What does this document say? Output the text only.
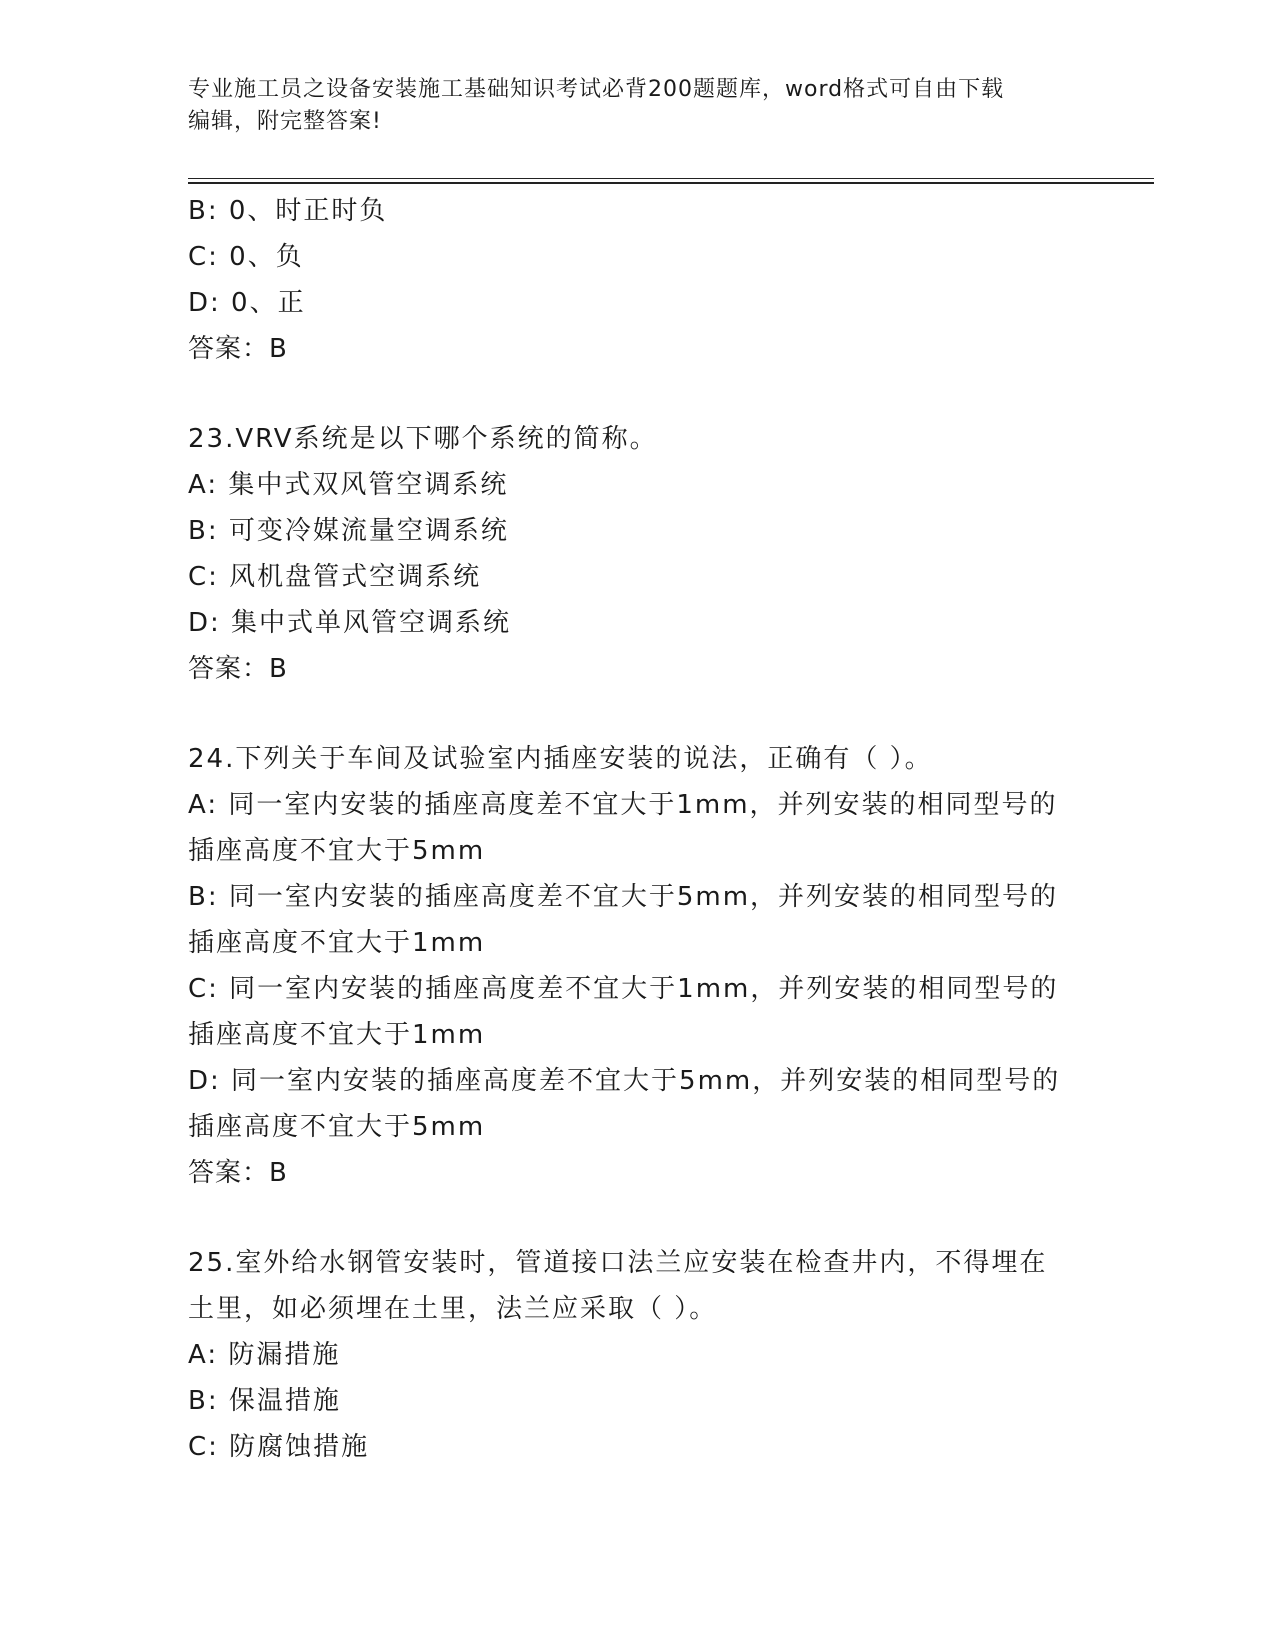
专业施工员之设备安装施工基础知识考试必背200题题库，word格式可自由下载
编辑，附完整答案!
B: 0、时正时负
C: 0、负
D: 0、正
答案：B
23.VRV系统是以下哪个系统的简称。
A: 集中式双风管空调系统
B: 可变冷媒流量空调系统
C: 风机盘管式空调系统
D: 集中式单风管空调系统
答案：B
24.下列关于车间及试验室内插座安装的说法，正确有（ ）。
A: 同一室内安装的插座高度差不宜大于1mm，并列安装的相同型号的
插座高度不宜大于5mm
B: 同一室内安装的插座高度差不宜大于5mm，并列安装的相同型号的
插座高度不宜大于1mm
C: 同一室内安装的插座高度差不宜大于1mm，并列安装的相同型号的
插座高度不宜大于1mm
D: 同一室内安装的插座高度差不宜大于5mm，并列安装的相同型号的
插座高度不宜大于5mm
答案：B
25.室外给水钢管安装时，管道接口法兰应安装在检查井内，不得埋在
土里，如必须埋在土里，法兰应采取（ ）。
A: 防漏措施
B: 保温措施
C: 防腐蚀措施
